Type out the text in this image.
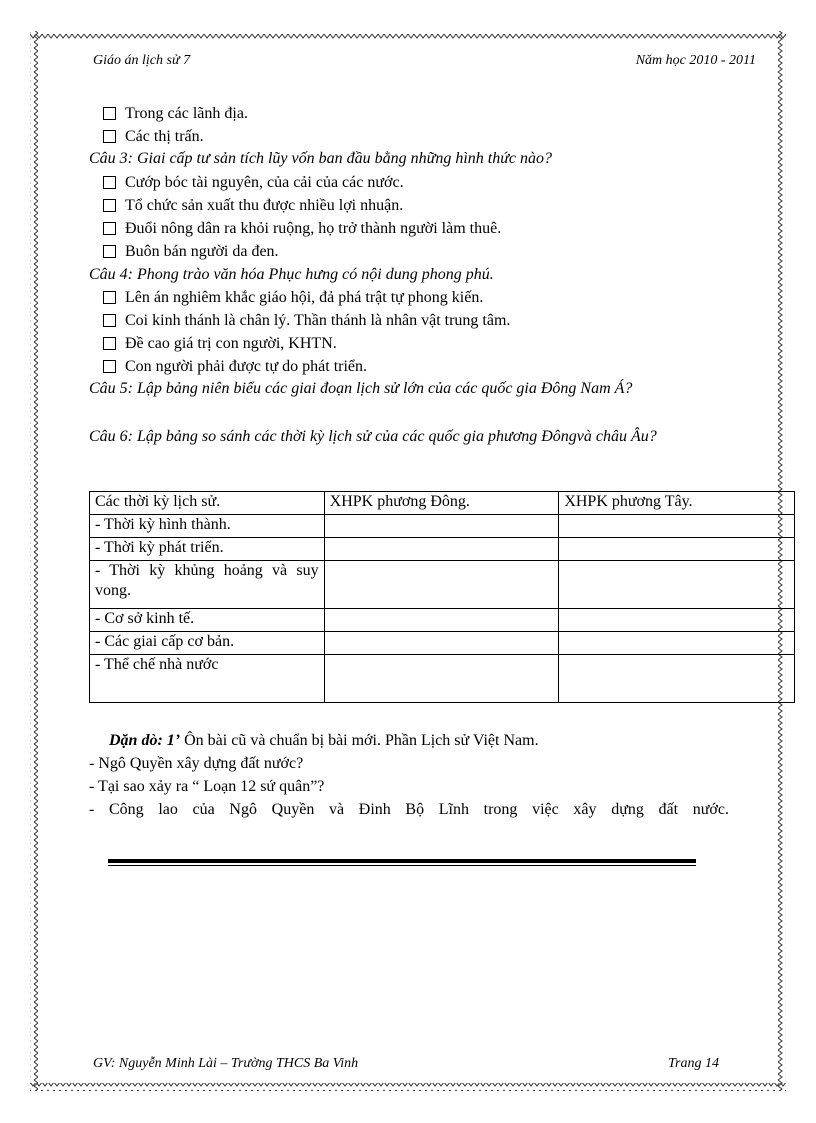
Giáo án lịch sử 7	Năm học 2010 - 2011
Trong các lãnh địa.
Các thị trấn.
Câu 3: Giai cấp tư sản tích lũy vốn ban đầu bằng những hình thức nào?
Cướp bóc tài nguyên, của cải của các nước.
Tổ chức sản xuất thu được nhiều lợi nhuận.
Đuổi nông dân ra khỏi ruộng, họ trở thành người làm thuê.
Buôn bán người da đen.
Câu 4: Phong trào văn hóa Phục hưng có nội dung phong phú.
Lên án nghiêm khắc giáo hội, đả phá trật tự phong kiến.
Coi kinh thánh là chân lý. Thần thánh là nhân vật trung tâm.
Đề cao giá trị con người, KHTN.
Con người phải được tự do phát triển.
Câu 5: Lập bảng niên biểu các giai đoạn lịch sử lớn của các quốc gia Đông Nam Á?
Câu 6: Lập bảng so sánh các thời kỳ lịch sử của các quốc gia phương Đôngvà châu Âu?
Các thời kỳ lịch sử.	XHPK phương Đông.	XHPK phương Tây.
- Thời kỳ hình thành.		
- Thời kỳ phát triển.		
- Thời kỳ khủng hoảng và suy vong.		
- Cơ sở kinh tế.		
- Các giai cấp cơ bản.		
- Thể chế nhà nước		
Dặn dò: 1’ Ôn bài cũ và chuẩn bị bài mới. Phần Lịch sử Việt Nam.
- Ngô Quyền xây dựng đất nước?
- Tại sao xảy ra “ Loạn 12 sứ quân”?
- Công lao của Ngô Quyền và Đinh Bộ Lĩnh trong việc xây dựng đất nước.
GV: Nguyễn Minh Lài – Trường THCS Ba Vinh	Trang 14
